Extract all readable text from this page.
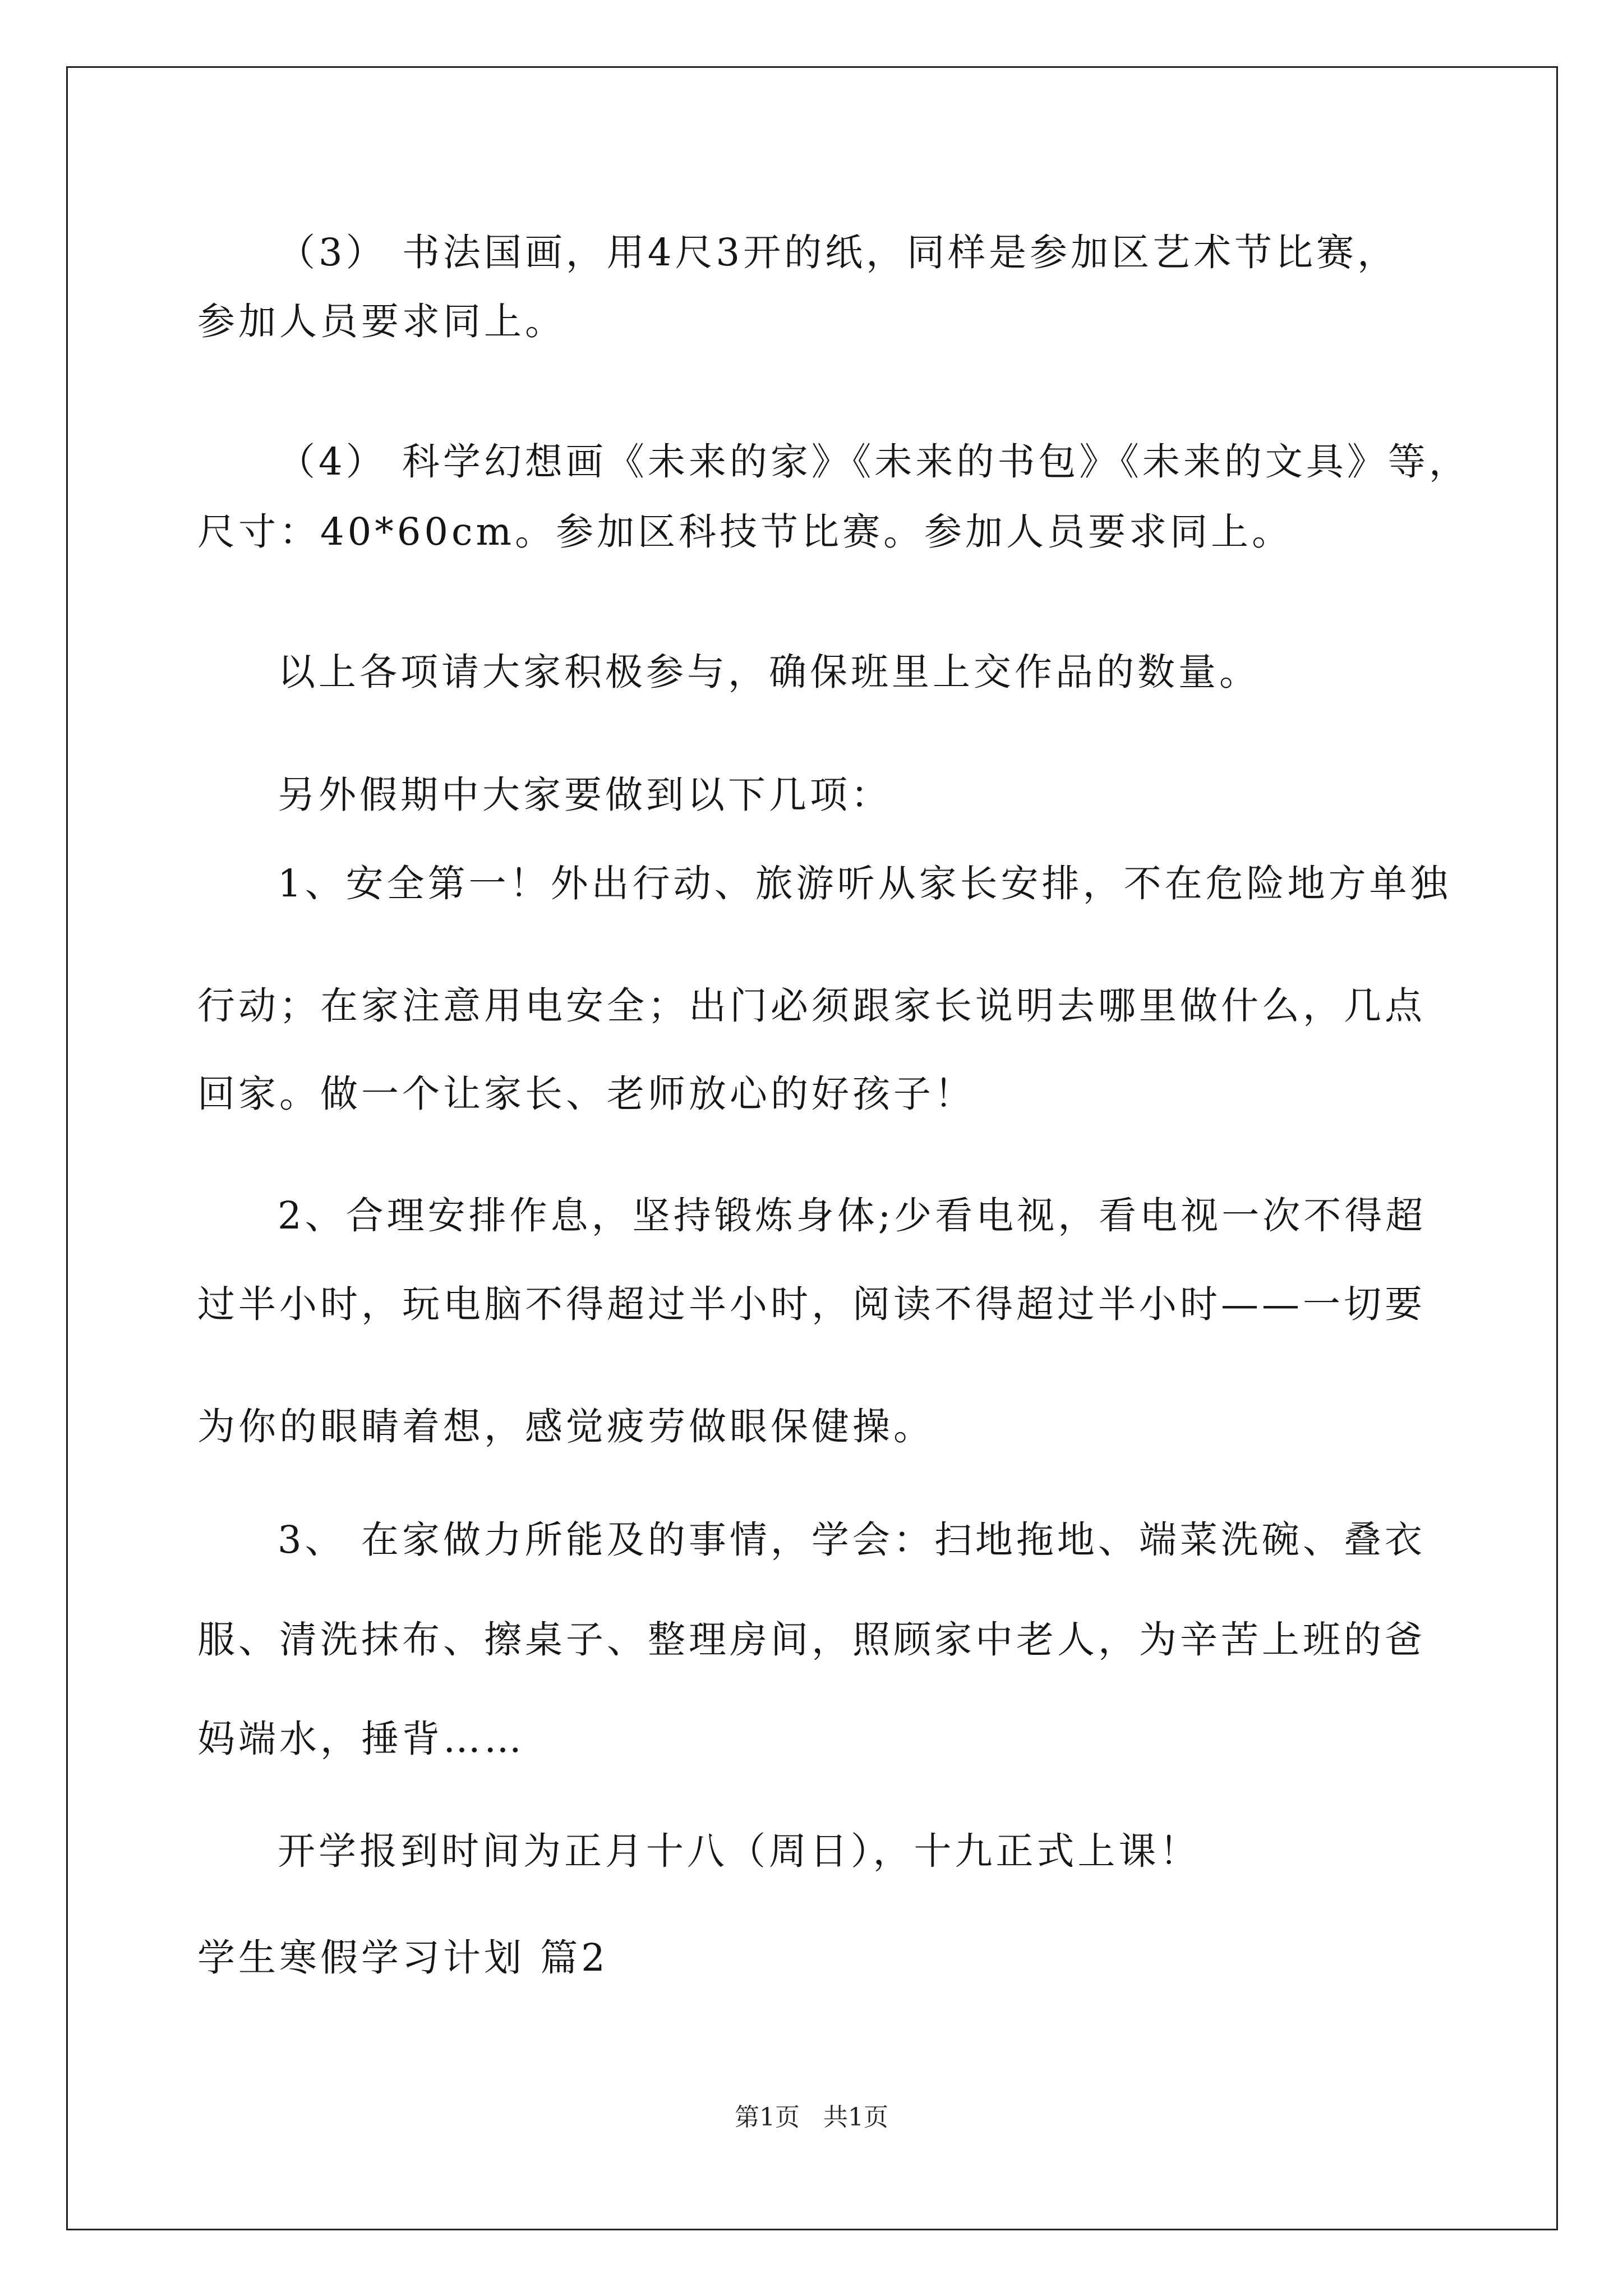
（3） 书法国画，用4尺3开的纸，同样是参加区艺术节比赛，
参加人员要求同上。
（4） 科学幻想画《未来的家》《未来的书包》《未来的文具》等，
尺寸：40*60cm。参加区科技节比赛。参加人员要求同上。
以上各项请大家积极参与，确保班里上交作品的数量。
另外假期中大家要做到以下几项：
1、安全第一！外出行动、旅游听从家长安排，不在危险地方单独
行动；在家注意用电安全；出门必须跟家长说明去哪里做什么，几点
回家。做一个让家长、老师放心的好孩子！
2、合理安排作息，坚持锻炼身体;少看电视，看电视一次不得超
过半小时，玩电脑不得超过半小时，阅读不得超过半小时——一切要
为你的眼睛着想，感觉疲劳做眼保健操。
3、 在家做力所能及的事情，学会：扫地拖地、端菜洗碗、叠衣
服、清洗抹布、擦桌子、整理房间，照顾家中老人，为辛苦上班的爸
妈端水，捶背……
开学报到时间为正月十八（周日），十九正式上课！
学生寒假学习计划 篇2
第1页   共1页
